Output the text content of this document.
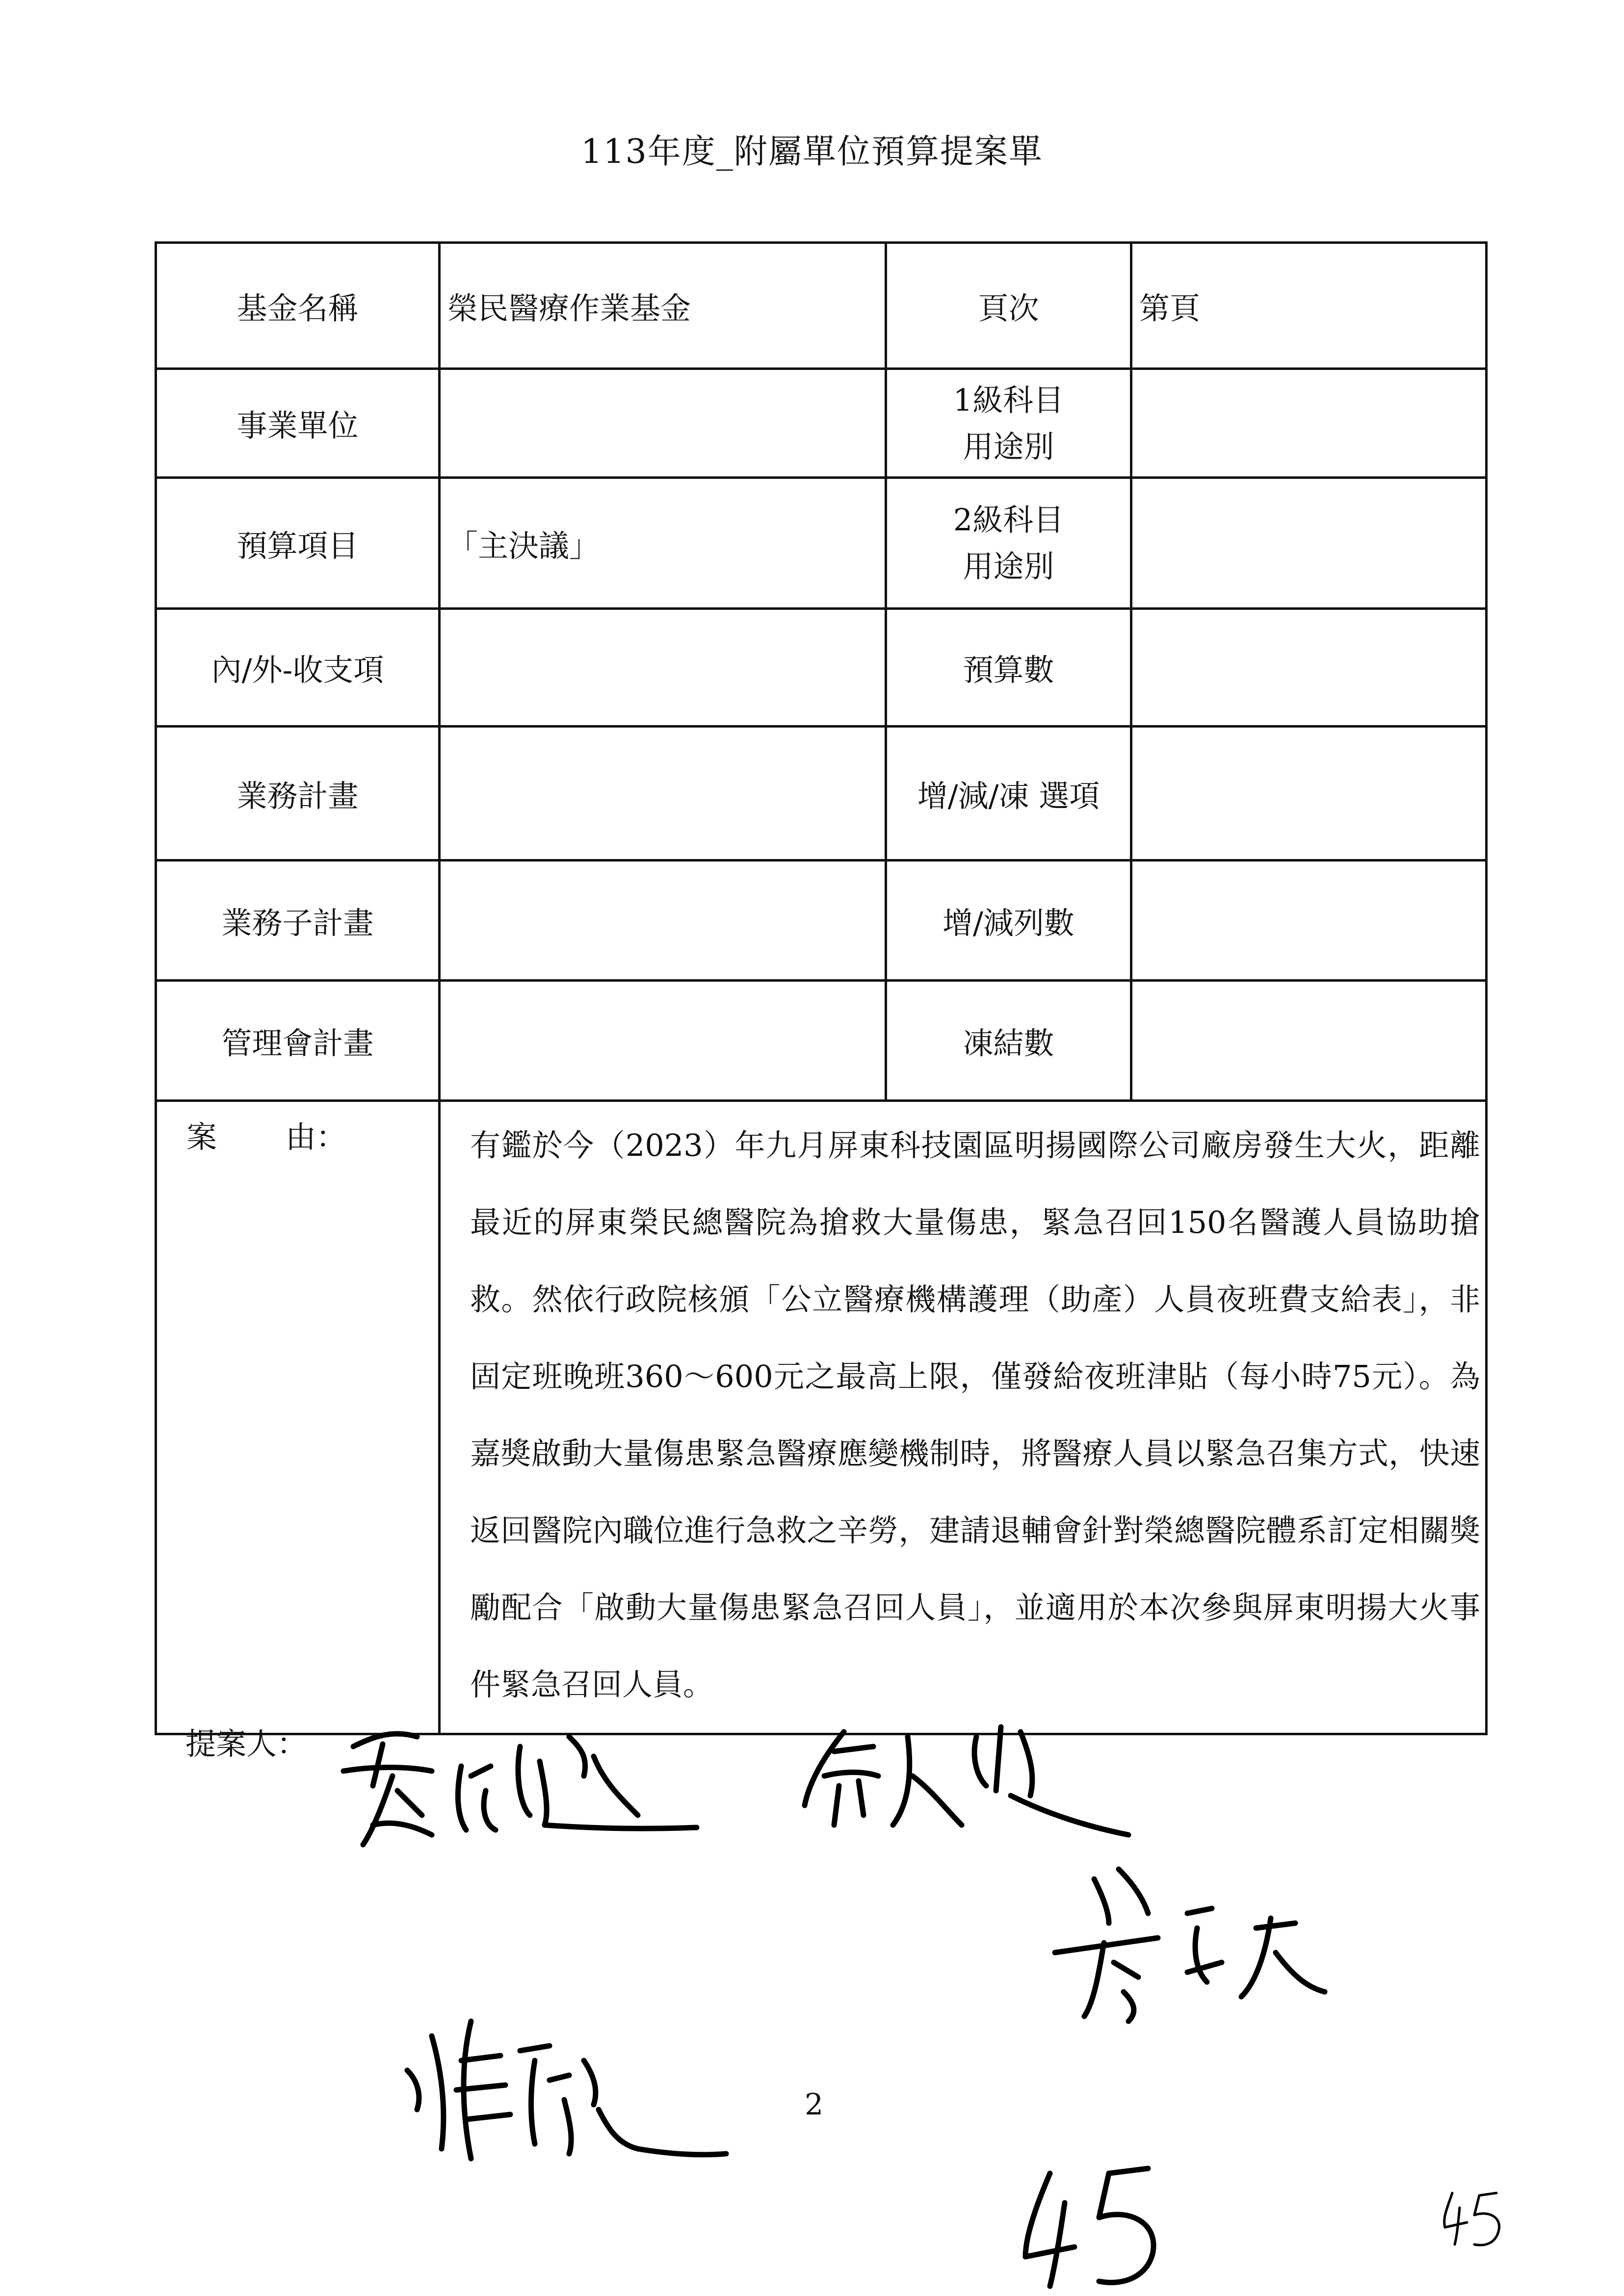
113年度_附屬單位預算提案單
基金名稱	榮民醫療作業基金	頁次	第頁
事業單位		1級科目
用途別	
預算項目	「主決議」	2級科目
用途別	
內/外-收支項		預算數	
業務計畫		增/減/凍 選項	
業務子計畫		增/減列數	
管理會計畫		凍結數	
案 由：	有鑑於今（2023）年九月屏東科技園區明揚國際公司廠房發生大火，距離最近的屏東榮民總醫院為搶救大量傷患，緊急召回150名醫護人員協助搶救。然依行政院核頒「公立醫療機構護理（助產）人員夜班費支給表」，非固定班晚班360～600元之最高上限，僅發給夜班津貼（每小時75元）。為嘉獎啟動大量傷患緊急醫療應變機制時，將醫療人員以緊急召集方式，快速返回醫院內職位進行急救之辛勞，建請退輔會針對榮總醫院體系訂定相關獎勵配合「啟動大量傷患緊急召回人員」，並適用於本次參與屏東明揚大火事件緊急召回人員。		
提案人：
2
